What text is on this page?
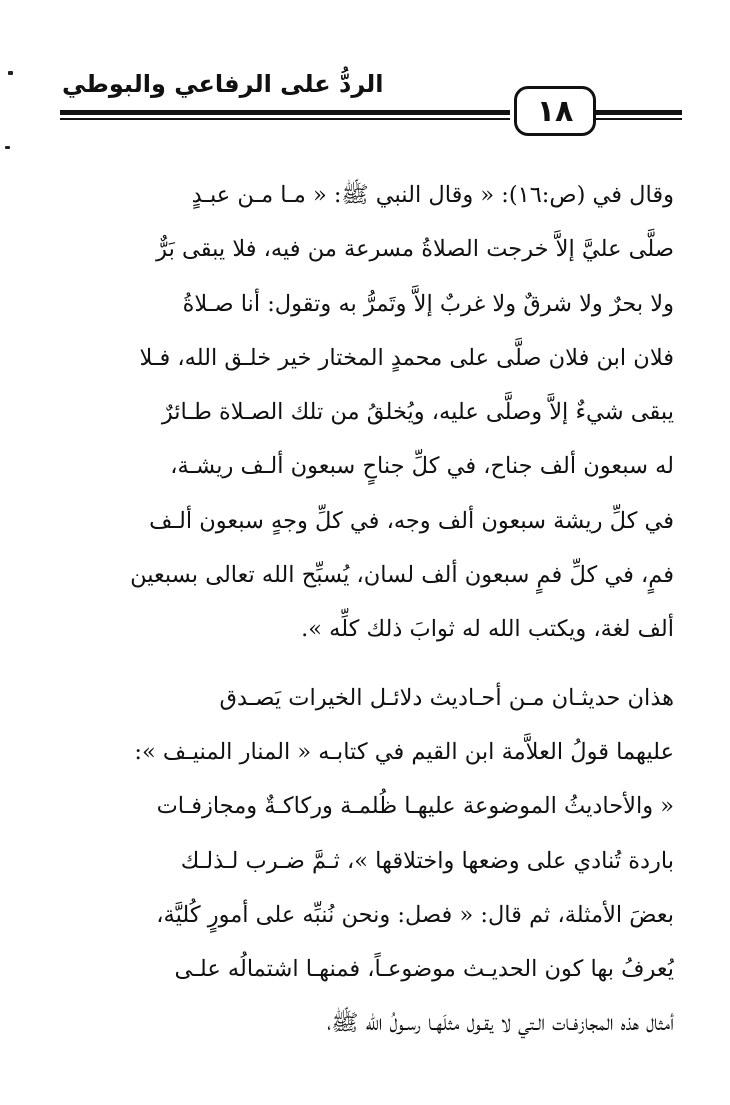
الردُّ على الرفاعي والبوطي
١٨
وقال في (ص:١٦): « وقال النبي ﷺ: « مـا مـن عبـدٍ
صلَّى عليَّ إلاَّ خرجت الصلاةُ مسرعة من فيه، فلا يبقى بَرٌّ
ولا بحرٌ ولا شرقٌ ولا غربٌ إلاَّ وتَمرُّ به وتقول: أنا صـلاةُ
فلان ابن فلان صلَّى على محمدٍ المختار خير خلـق الله، فـلا
يبقى شيءٌ إلاَّ وصلَّى عليه، ويُخلقُ من تلك الصـلاة طـائرٌ
له سبعون ألف جناح، في كلِّ جناحٍ سبعون ألـف ريشـة،
في كلِّ ريشة سبعون ألف وجه، في كلِّ وجهٍ سبعون ألـف
فمٍ، في كلِّ فمٍ سبعون ألف لسان، يُسبِّح الله تعالى بسبعين
ألف لغة، ويكتب الله له ثوابَ ذلك كلِّه ».
هذان حديثـان مـن أحـاديث دلائـل الخيرات يَصـدق
عليهما قولُ العلاَّمة ابن القيم في كتابـه « المنار المنيـف »:
« والأحاديثُ الموضوعة عليهـا ظُلمـة وركاكـةٌ ومجازفـات
باردة تُنادي على وضعها واختلاقها »، ثـمَّ ضـرب لـذلـك
بعضَ الأمثلة، ثم قال: « فصل: ونحن نُنبِّه على أمورٍ كُليَّة،
يُعرفُ بها كون الحديـث موضوعـاً، فمنهـا اشتمالُه علـى
أمثال هذه المجازفـات الـتي لا يقـول مثلَهـا رسـولُ الله ﷺ،
